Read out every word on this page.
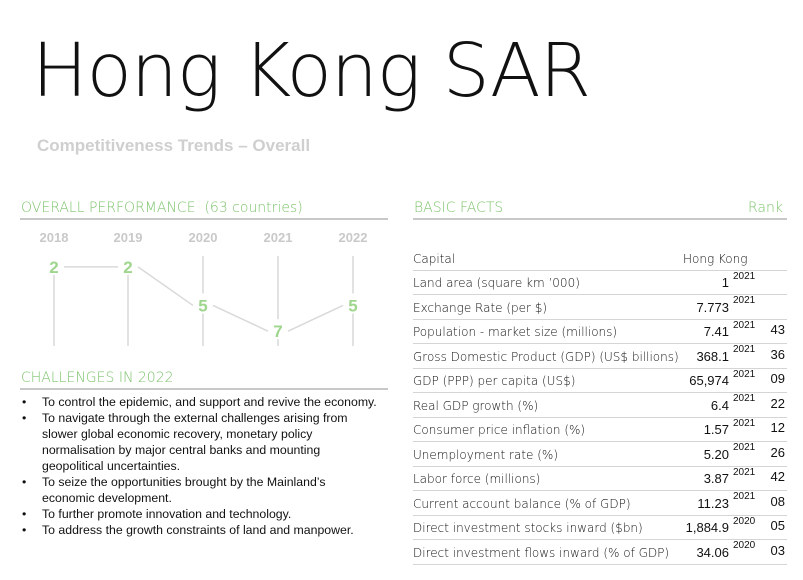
Hong Kong SAR
Competitiveness Trends – Overall
OVERALL PERFORMANCE  (63 countries)
2018	2019	2020	2021	2022
2	2
5
7
5
CHALLENGES IN 2022
• To control the epidemic, and support and revive the economy.
• To navigate through the external challenges arising from slower global economic recovery, monetary policy normalisation by major central banks and mounting geopolitical uncertainties.
• To seize the opportunities brought by the Mainland’s economic development.
• To further promote innovation and technology.
• To address the growth constraints of land and manpower.
BASIC FACTS	Rank
Capital	Hong Kong
Land area (square km ’000)	1 2021
Exchange Rate (per $)	7.773 2021
Population - market size (millions)	7.41 2021 43
Gross Domestic Product (GDP) (US$ billions) 368.1 2021 36
GDP (PPP) per capita (US$)	65,974 2021 09
Real GDP growth (%)	6.4 2021 22
Consumer price inflation (%)	1.57 2021 12
Unemployment rate (%)	5.20 2021 26
Labor force (millions)	3.87 2021 42
Current account balance (% of GDP)	11.23 2021 08
Direct investment stocks inward ($bn)	1,884.9 2020 05
Direct investment flows inward (% of GDP) 34.06 2020 03
